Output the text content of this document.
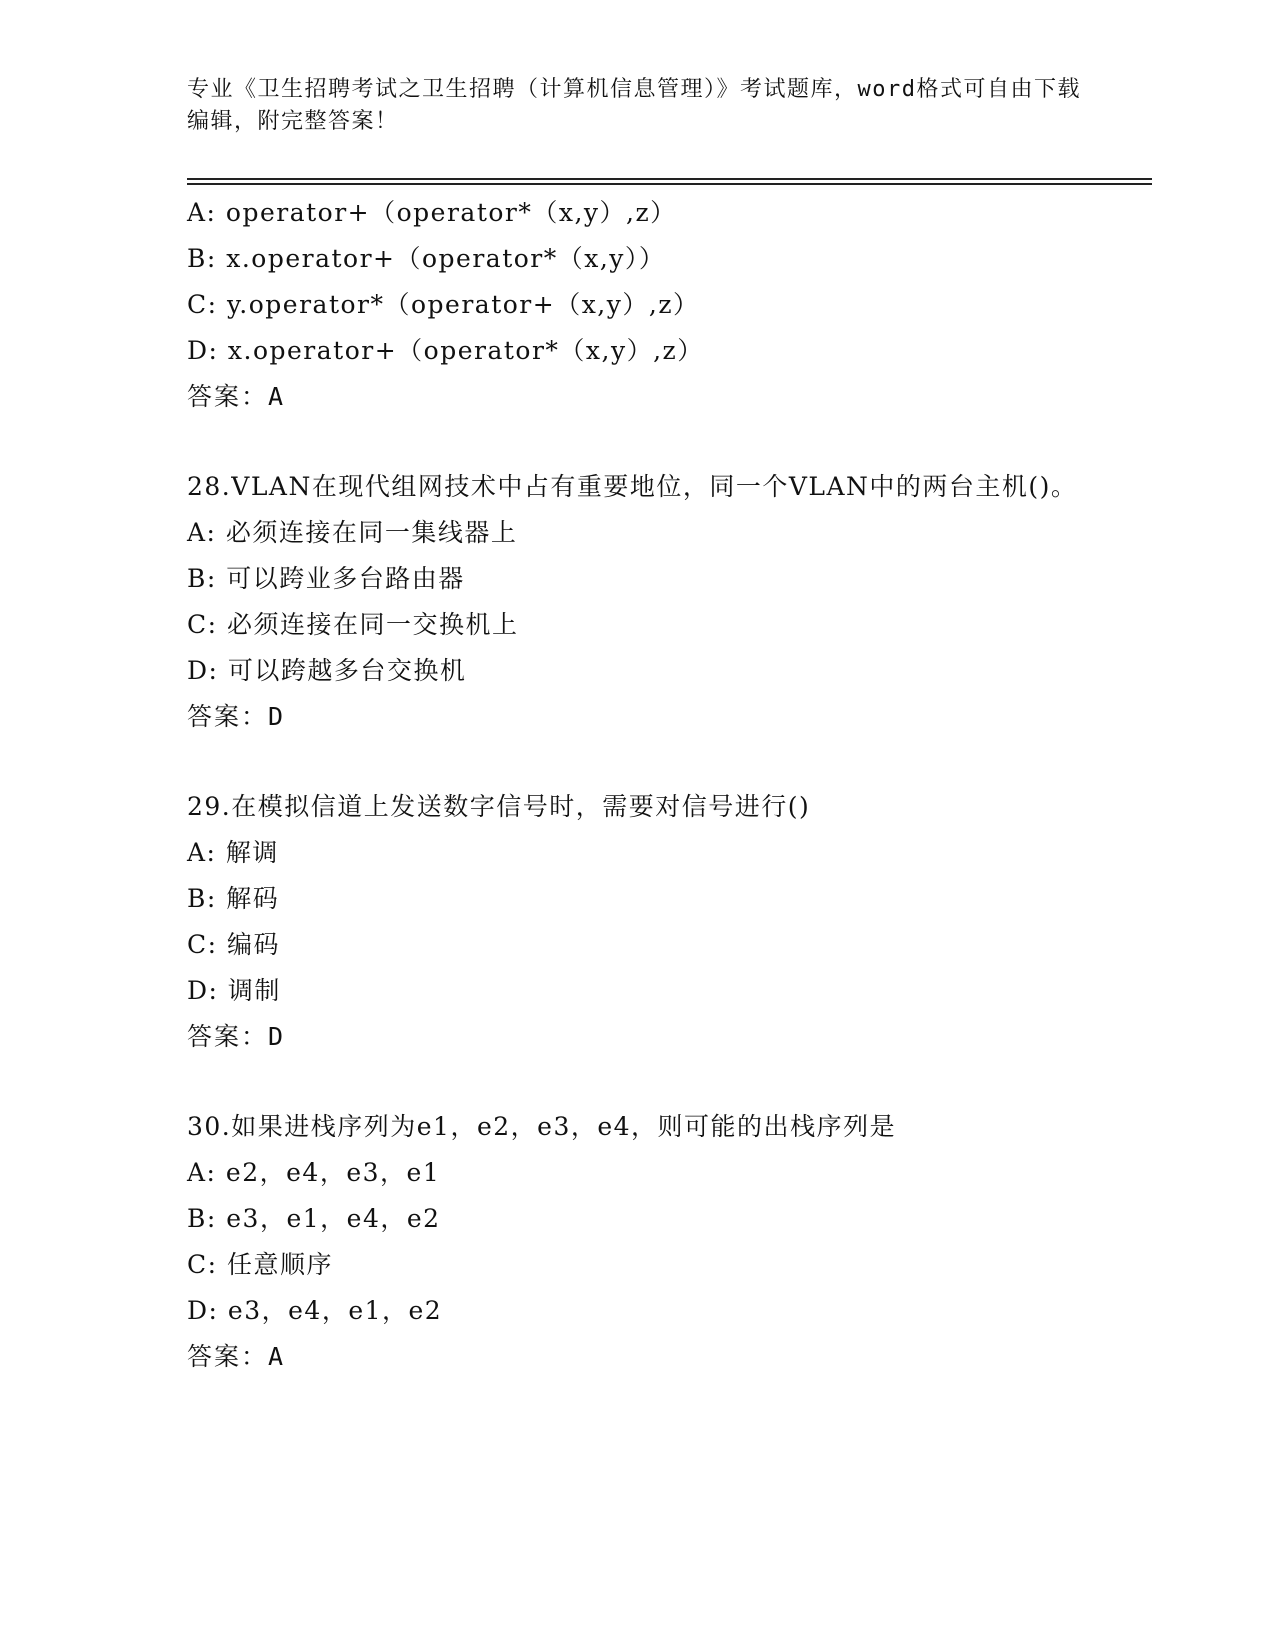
专业《卫生招聘考试之卫生招聘（计算机信息管理）》考试题库，word格式可自由下载编辑，附完整答案！
A: operator+（operator*（x,y）,z）
B: x.operator+（operator*（x,y））
C: y.operator*（operator+（x,y）,z）
D: x.operator+（operator*（x,y）,z）
答案：A
28.VLAN在现代组网技术中占有重要地位，同一个VLAN中的两台主机()。
A: 必须连接在同一集线器上
B: 可以跨业多台路由器
C: 必须连接在同一交换机上
D: 可以跨越多台交换机
答案：D
29.在模拟信道上发送数字信号时，需要对信号进行()
A: 解调
B: 解码
C: 编码
D: 调制
答案：D
30.如果进栈序列为e1，e2，e3，e4，则可能的出栈序列是
A: e2，e4，e3，e1
B: e3，e1，e4，e2
C: 任意顺序
D: e3，e4，e1，e2
答案：A
